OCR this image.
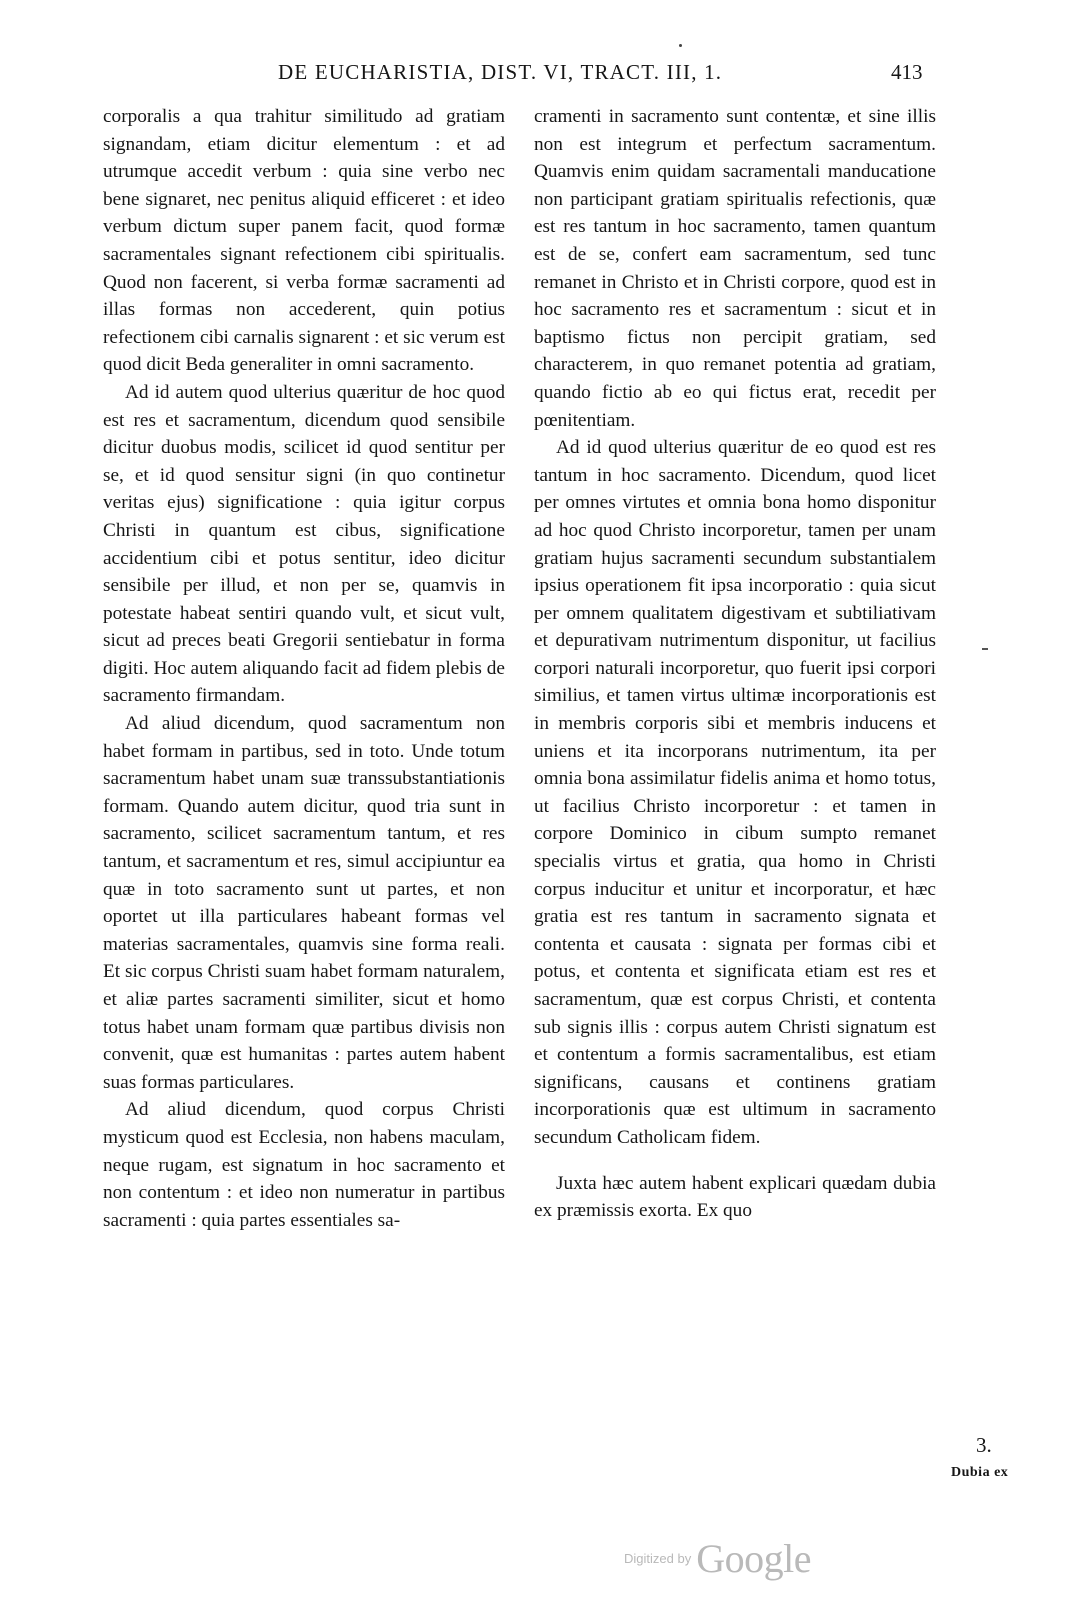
DE EUCHARISTIA, DIST. VI, TRACT. III, 1.	413

corporalis a qua trahitur similitudo ad gratiam signandam, etiam dicitur elementum : et ad utrumque accedit verbum : quia sine verbo nec bene signaret, nec penitus aliquid efficeret : et ideo verbum dictum super panem facit, quod formæ sacramentales signant refectionem cibi spiritualis. Quod non facerent, si verba formæ sacramenti ad illas formas non accederent, quin potius refectionem cibi carnalis signarent : et sic verum est quod dicit Beda generaliter in omni sacramento.

Ad id autem quod ulterius quæritur de hoc quod est res et sacramentum, dicendum quod sensibile dicitur duobus modis, scilicet id quod sentitur per se, et id quod sensitur signi (in quo continetur veritas ejus) significatione : quia igitur corpus Christi in quantum est cibus, significatione accidentium cibi et potus sentitur, ideo dicitur sensibile per illud, et non per se, quamvis in potestate habeat sentiri quando vult, et sicut vult, sicut ad preces beati Gregorii sentiebatur in forma digiti. Hoc autem aliquando facit ad fidem plebis de sacramento firmandam.

Ad aliud dicendum, quod sacramentum non habet formam in partibus, sed in toto. Unde totum sacramentum habet unam suæ transsubstantiationis formam. Quando autem dicitur, quod tria sunt in sacramento, scilicet sacramentum tantum, et res tantum, et sacramentum et res, simul accipiuntur ea quæ in toto sacramento sunt ut partes, et non oportet ut illa particulares habeant formas vel materias sacramentales, quamvis sine forma reali. Et sic corpus Christi suam habet formam naturalem, et aliæ partes sacramenti similiter, sicut et homo totus habet unam formam quæ partibus divisis non convenit, quæ est humanitas : partes autem habent suas formas particulares.

Ad aliud dicendum, quod corpus Christi mysticum quod est Ecclesia, non habens maculam, neque rugam, est signatum in hoc sacramento et non contentum : et ideo non numeratur in partibus sacramenti : quia partes essentiales sa-

cramenti in sacramento sunt contentæ, et sine illis non est integrum et perfectum sacramentum. Quamvis enim quidam sacramentali manducatione non participant gratiam spiritualis refectionis, quæ est res tantum in hoc sacramento, tamen quantum est de se, confert eam sacramentum, sed tunc remanet in Christo et in Christi corpore, quod est in hoc sacramento res et sacramentum : sicut et in baptismo fictus non percipit gratiam, sed characterem, in quo remanet potentia ad gratiam, quando fictio ab eo qui fictus erat, recedit per pœnitentiam.

Ad id quod ulterius quæritur de eo quod est res tantum in hoc sacramento. Dicendum, quod licet per omnes virtutes et omnia bona homo disponitur ad hoc quod Christo incorporetur, tamen per unam gratiam hujus sacramenti secundum substantialem ipsius operationem fit ipsa incorporatio : quia sicut per omnem qualitatem digestivam et subtiliativam et depurativam nutrimentum disponitur, ut facilius corpori naturali incorporetur, quo fuerit ipsi corpori similius, et tamen virtus ultimæ incorporationis est in membris corporis sibi et membris inducens et uniens et ita incorporans nutrimentum, ita per omnia bona assimilatur fidelis anima et homo totus, ut facilius Christo incorporetur : et tamen in corpore Dominico in cibum sumpto remanet specialis virtus et gratia, qua homo in Christi corpus inducitur et unitur et incorporatur, et hæc gratia est res tantum in sacramento signata et contenta et causata : signata per formas cibi et potus, et contenta et significata etiam est res et sacramentum, quæ est corpus Christi, et contenta sub signis illis : corpus autem Christi signatum est et contentum a formis sacramentalibus, est etiam significans, causans et continens gratiam incorporationis quæ est ultimum in sacramento secundum Catholicam fidem.

Juxta hæc autem habent explicari quædam dubia ex præmissis exorta. Ex quo

3.
Dubia ex
Digitized by Google
